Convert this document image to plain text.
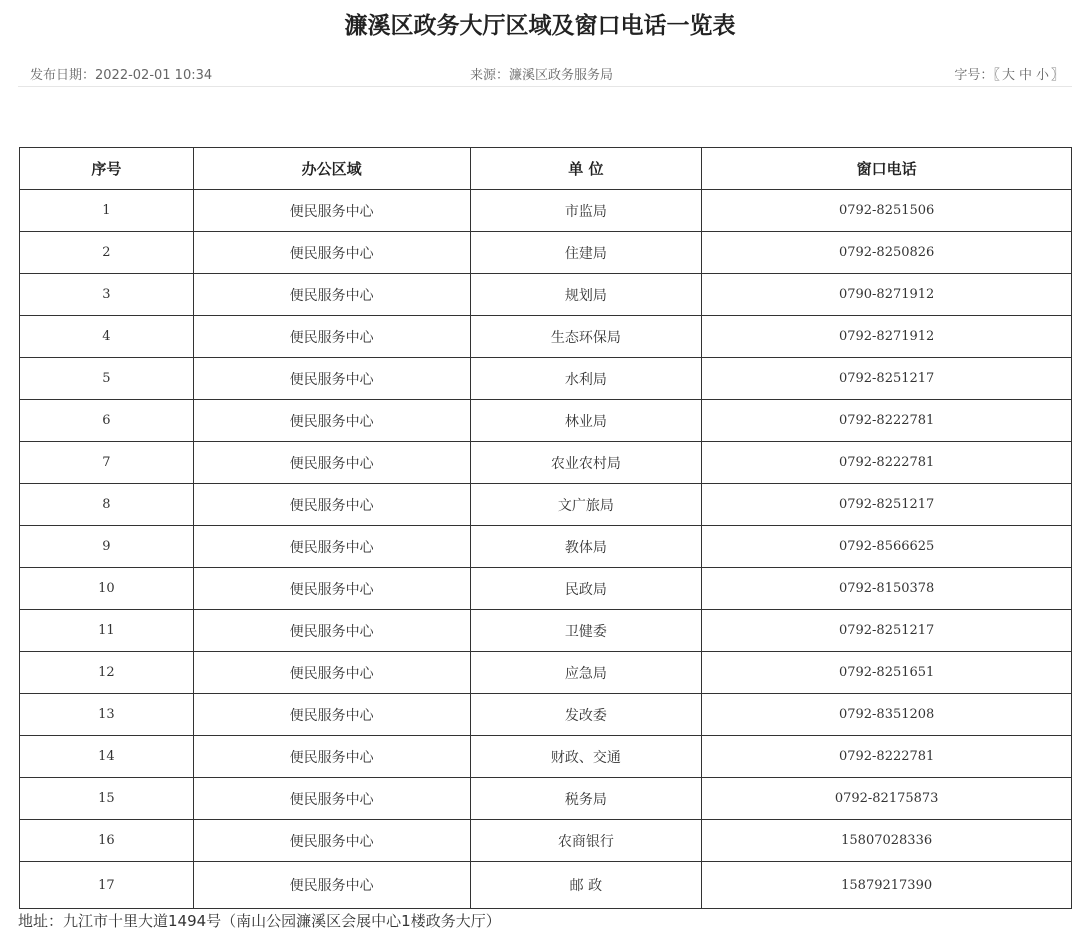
濂溪区政务大厅区域及窗口电话一览表
发布日期：2022-02-01 10:34	来源：濂溪区政务服务局	字号：〖 大 中 小 〗
序号	办公区域	单 位	窗口电话
1	便民服务中心	市监局	0792-8251506
2	便民服务中心	住建局	0792-8250826
3	便民服务中心	规划局	0790-8271912
4	便民服务中心	生态环保局	0792-8271912
5	便民服务中心	水利局	0792-8251217
6	便民服务中心	林业局	0792-8222781
7	便民服务中心	农业农村局	0792-8222781
8	便民服务中心	文广旅局	0792-8251217
9	便民服务中心	教体局	0792-8566625
10	便民服务中心	民政局	0792-8150378
11	便民服务中心	卫健委	0792-8251217
12	便民服务中心	应急局	0792-8251651
13	便民服务中心	发改委	0792-8351208
14	便民服务中心	财政、交通	0792-8222781
15	便民服务中心	税务局	0792-82175873
16	便民服务中心	农商银行	15807028336
17	便民服务中心	邮 政	15879217390
地址：九江市十里大道1494号（南山公园濂溪区会展中心1楼政务大厅）
